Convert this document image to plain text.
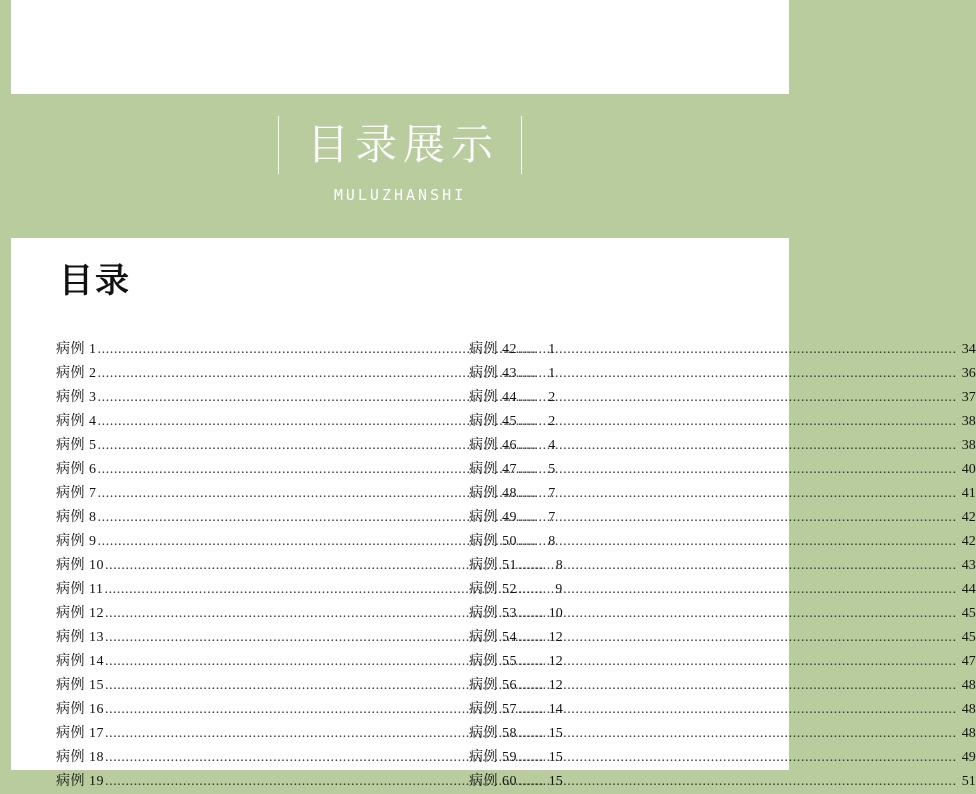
目录展示
MULUZHANSHI
目录
病例 1 .....	1
病例 2 .....	1
病例 3 .....	2
病例 4 .....	2
病例 5 .....	4
病例 6 .....	5
病例 7 .....	7
病例 8 .....	7
病例 9 .....	8
病例 10 .....	8
病例 11 .....	9
病例 12 .....	10
病例 13 .....	12
病例 14 .....	12
病例 15 .....	12
病例 16 .....	14
病例 17 .....	15
病例 18 .....	15
病例 19 .....	15
病例 42 .....	34
病例 43 .....	36
病例 44 .....	37
病例 45 .....	38
病例 46 .....	38
病例 47 .....	40
病例 48 .....	41
病例 49 .....	42
病例 50 .....	42
病例 51 .....	43
病例 52 .....	44
病例 53 .....	45
病例 54 .....	45
病例 55 .....	47
病例 56 .....	48
病例 57 .....	48
病例 58 .....	48
病例 59 .....	49
病例 60 .....	51
